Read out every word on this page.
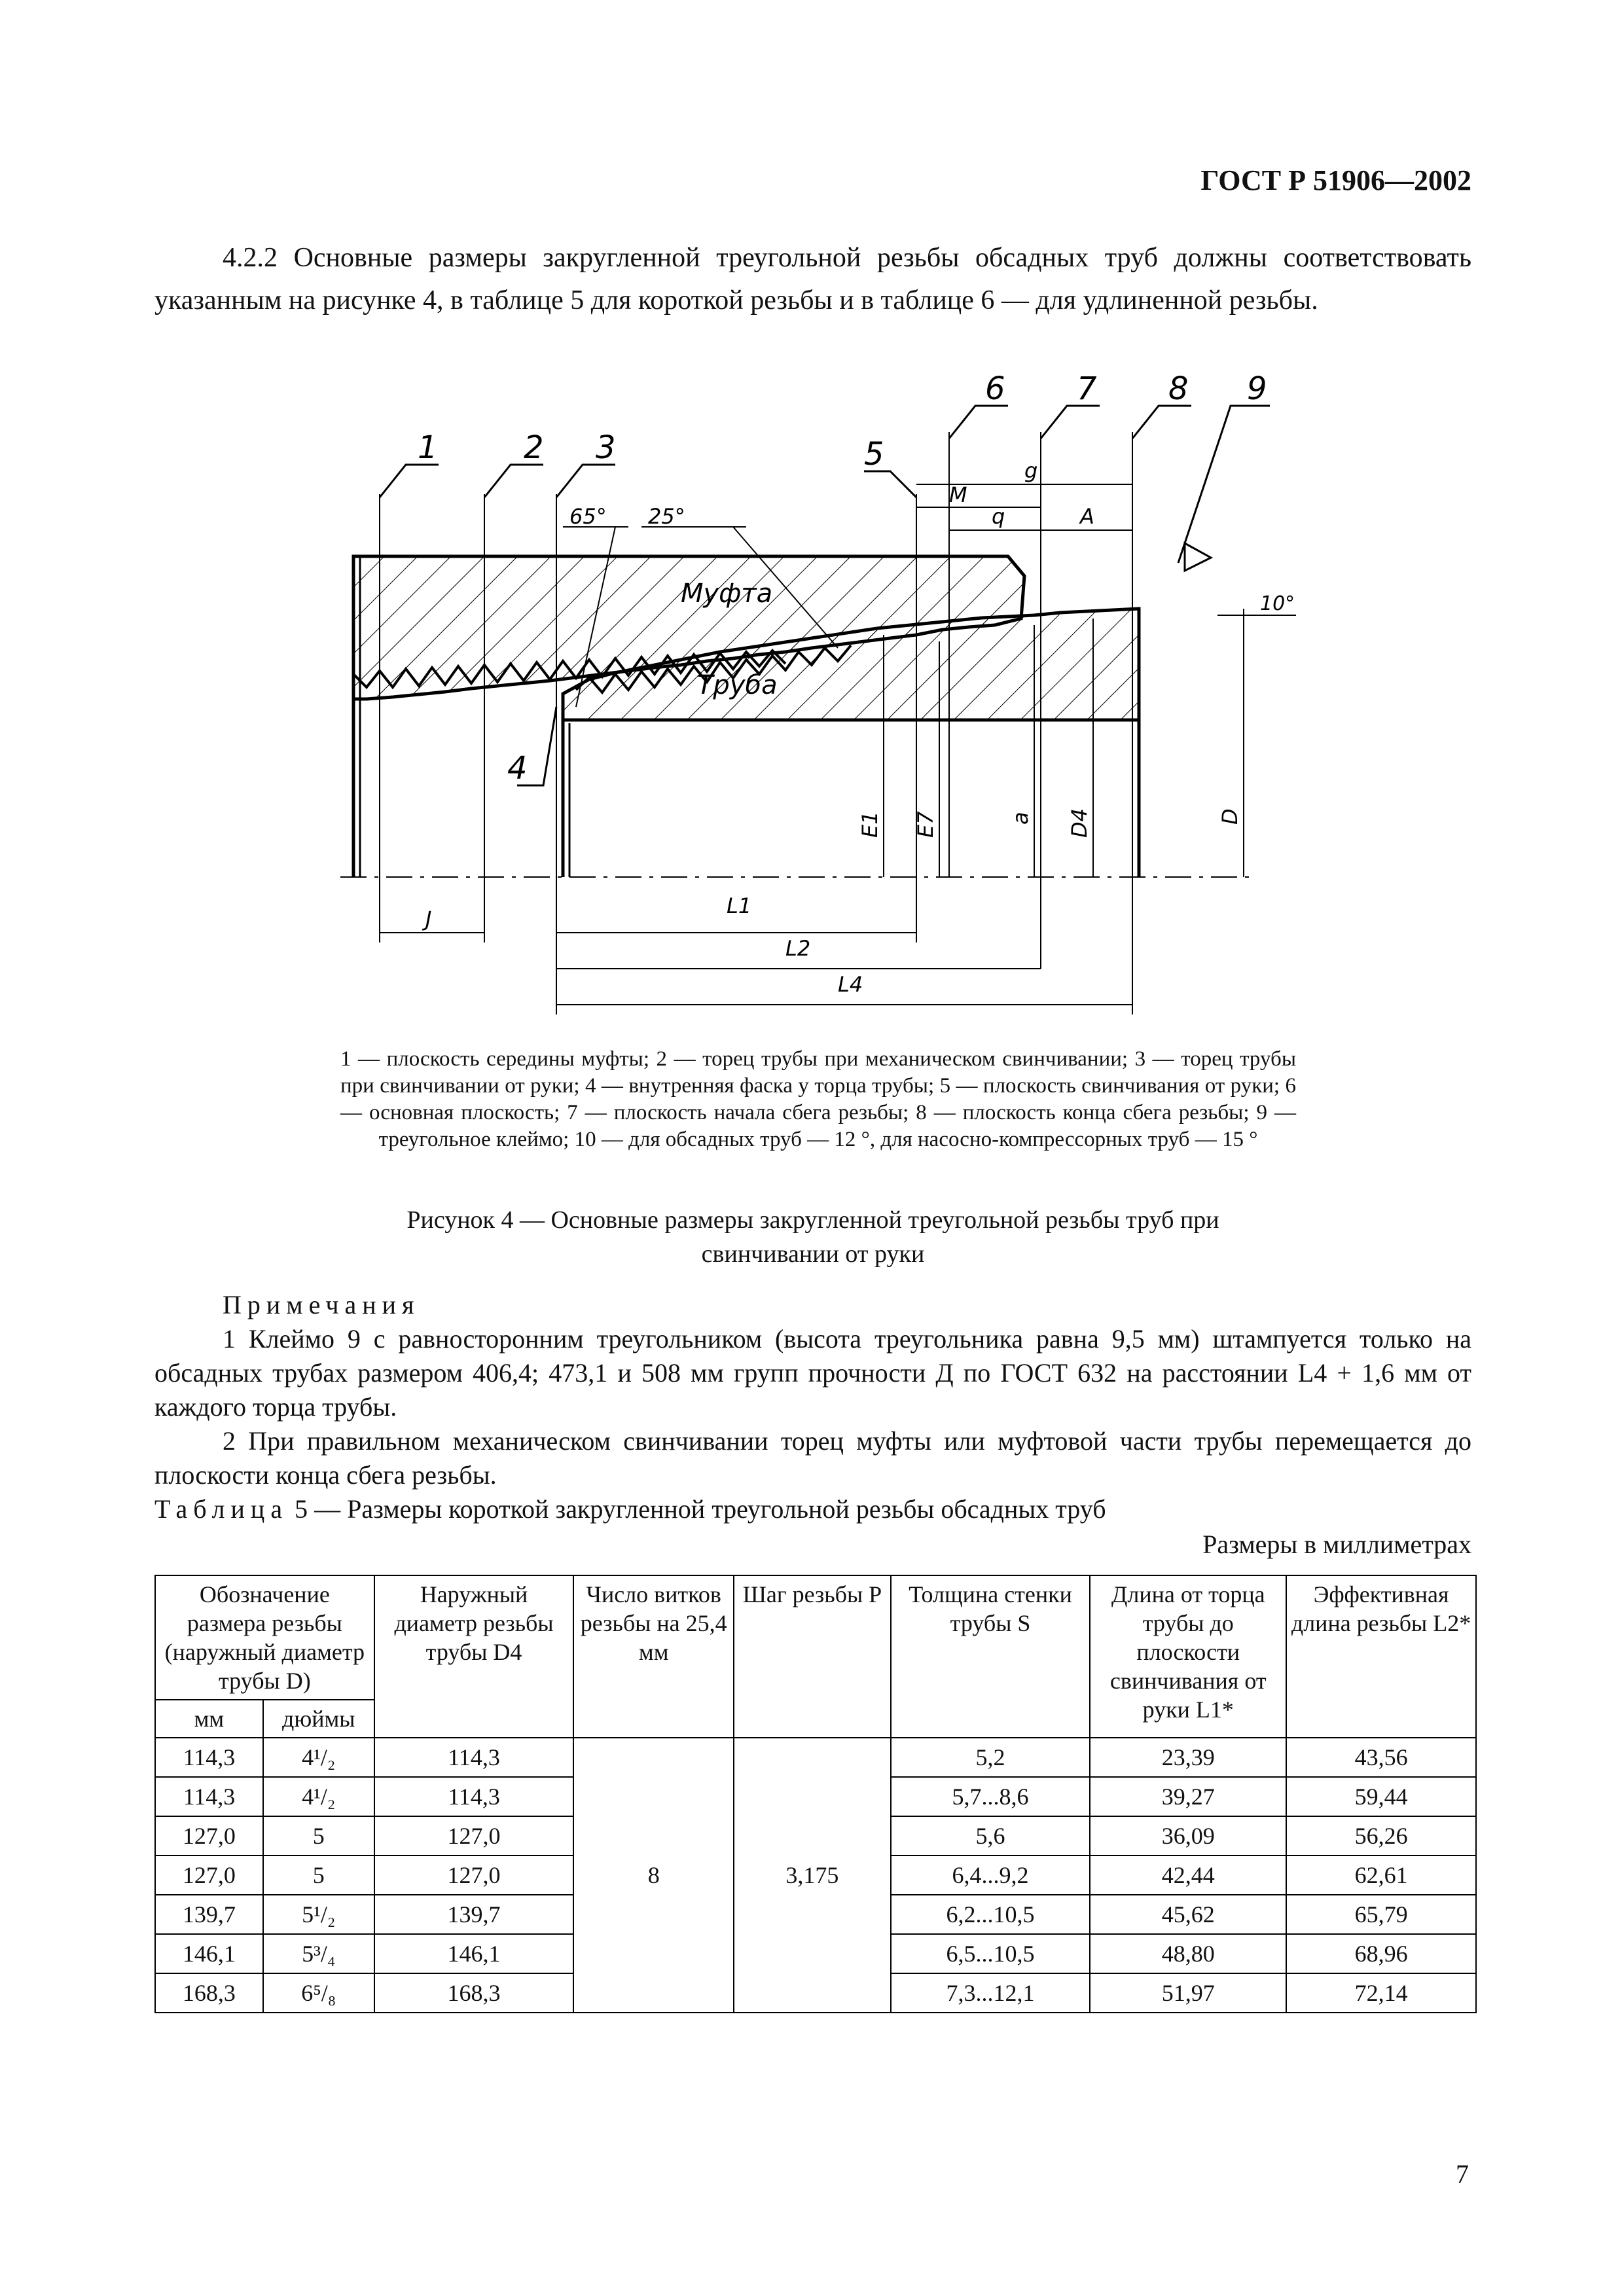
ГОСТ Р 51906—2002

4.2.2 Основные размеры закругленной треугольной резьбы обсадных труб должны соответствовать указанным на рисунке 4, в таблице 5 для короткой резьбы и в таблице 6 — для удлиненной резьбы.

1	2 3
4
5
6 7 8 9
65° 25°
10°
Муфта
Труба
g
M
q	A
E1 E7	a D4	D
J
L1
L2
L4
1 — плоскость середины муфты; 2 — торец трубы при механическом свинчивании; 3 — торец трубы при свинчивании от руки; 4 — внутренняя фаска у торца трубы; 5 — плоскость свинчивания от руки; 6 — основная плоскость; 7 — плоскость начала сбега резьбы; 8 — плоскость конца сбега резьбы; 9 — треугольное клеймо; 10 — для обсадных труб — 12 °, для насосно-компрессорных труб — 15 °
Рисунок 4 — Основные размеры закругленной треугольной резьбы труб при
свинчивании от руки

Примечания

1 Клеймо 9 с равносторонним треугольником (высота треугольника равна 9,5 мм) штампуется только на обсадных трубах размером 406,4; 473,1 и 508 мм групп прочности Д по ГОСТ 632 на расстоянии L4 + 1,6 мм от каждого торца трубы.

2 При правильном механическом свинчивании торец муфты или муфтовой части трубы перемещается до плоскости конца сбега резьбы.

Таблица 5 — Размеры короткой закругленной треугольной резьбы обсадных труб
Размеры в миллиметрах
Обозначение размера резьбы (наружный диаметр трубы D)		Наружный диаметр резьбы трубы D4	Число витков резьбы на 25,4 мм	Шаг резьбы P	Толщина стенки трубы S	Длина от торца трубы до плоскости свинчивания от руки L1*	Эффективная длина резьбы L2*
мм	дюймы						
114,3	4¹/₂	114,3	8	3,175	5,2	23,39	43,56
114,3	4¹/₂	114,3			5,7...8,6	39,27	59,44
127,0	5	127,0			5,6	36,09	56,26
127,0	5	127,0			6,4...9,2	42,44	62,61
139,7	5¹/₂	139,7			6,2...10,5	45,62	65,79
146,1	5³/₄	146,1			6,5...10,5	48,80	68,96
168,3	6⁵/₈	168,3			7,3...12,1	51,97	72,14
7
